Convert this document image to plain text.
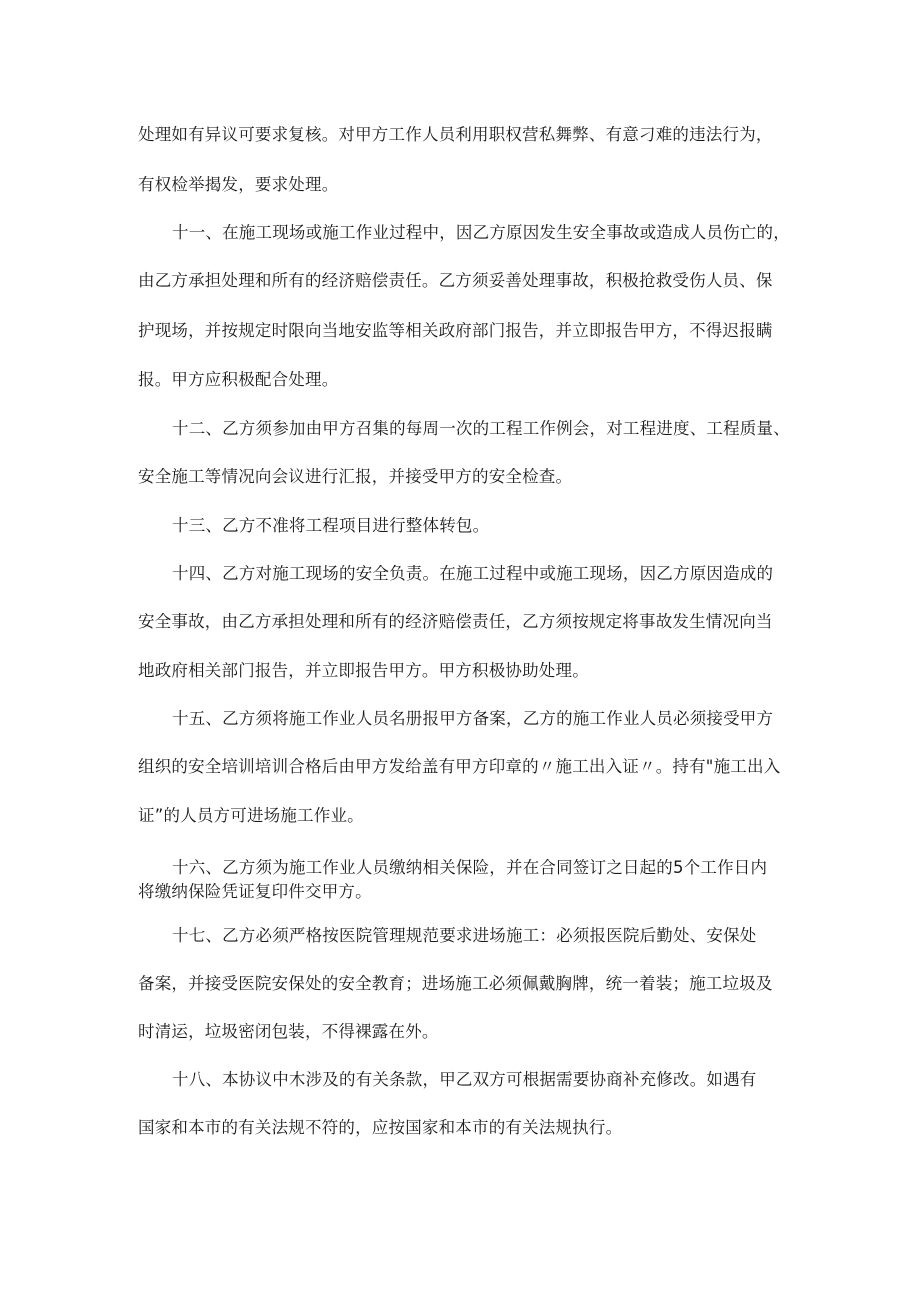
处理如有异议可要求复核。对甲方工作人员利用职权营私舞弊、有意刁难的违法行为，

有权检举揭发，要求处理。

十一、在施工现场或施工作业过程中，因乙方原因发生安全事故或造成人员伤亡的，

由乙方承担处理和所有的经济赔偿责任。乙方须妥善处理事故，积极抢救受伤人员、保

护现场，并按规定时限向当地安监等相关政府部门报告，并立即报告甲方，不得迟报瞒

报。甲方应积极配合处理。

十二、乙方须参加由甲方召集的每周一次的工程工作例会，对工程进度、工程质量、

安全施工等情况向会议进行汇报，并接受甲方的安全检查。

十三、乙方不准将工程项目进行整体转包。

十四、乙方对施工现场的安全负责。在施工过程中或施工现场，因乙方原因造成的

安全事故，由乙方承担处理和所有的经济赔偿责任，乙方须按规定将事故发生情况向当

地政府相关部门报告，并立即报告甲方。甲方积极协助处理。

十五、乙方须将施工作业人员名册报甲方备案，乙方的施工作业人员必须接受甲方

组织的安全培训培训合格后由甲方发给盖有甲方印章的〃施工出入证〃。持有"施工出入

证”的人员方可进场施工作业。

十六、乙方须为施工作业人员缴纳相关保险，并在合同签订之日起的5个工作日内

将缴纳保险凭证复印件交甲方。

十七、乙方必须严格按医院管理规范要求进场施工：必须报医院后勤处、安保处

备案，并接受医院安保处的安全教育；进场施工必须佩戴胸牌，统一着装；施工垃圾及

时清运，垃圾密闭包装，不得裸露在外。

十八、本协议中木涉及的有关条款，甲乙双方可根据需要协商补充修改。如遇有

国家和本市的有关法规不符的，应按国家和本市的有关法规执行。
